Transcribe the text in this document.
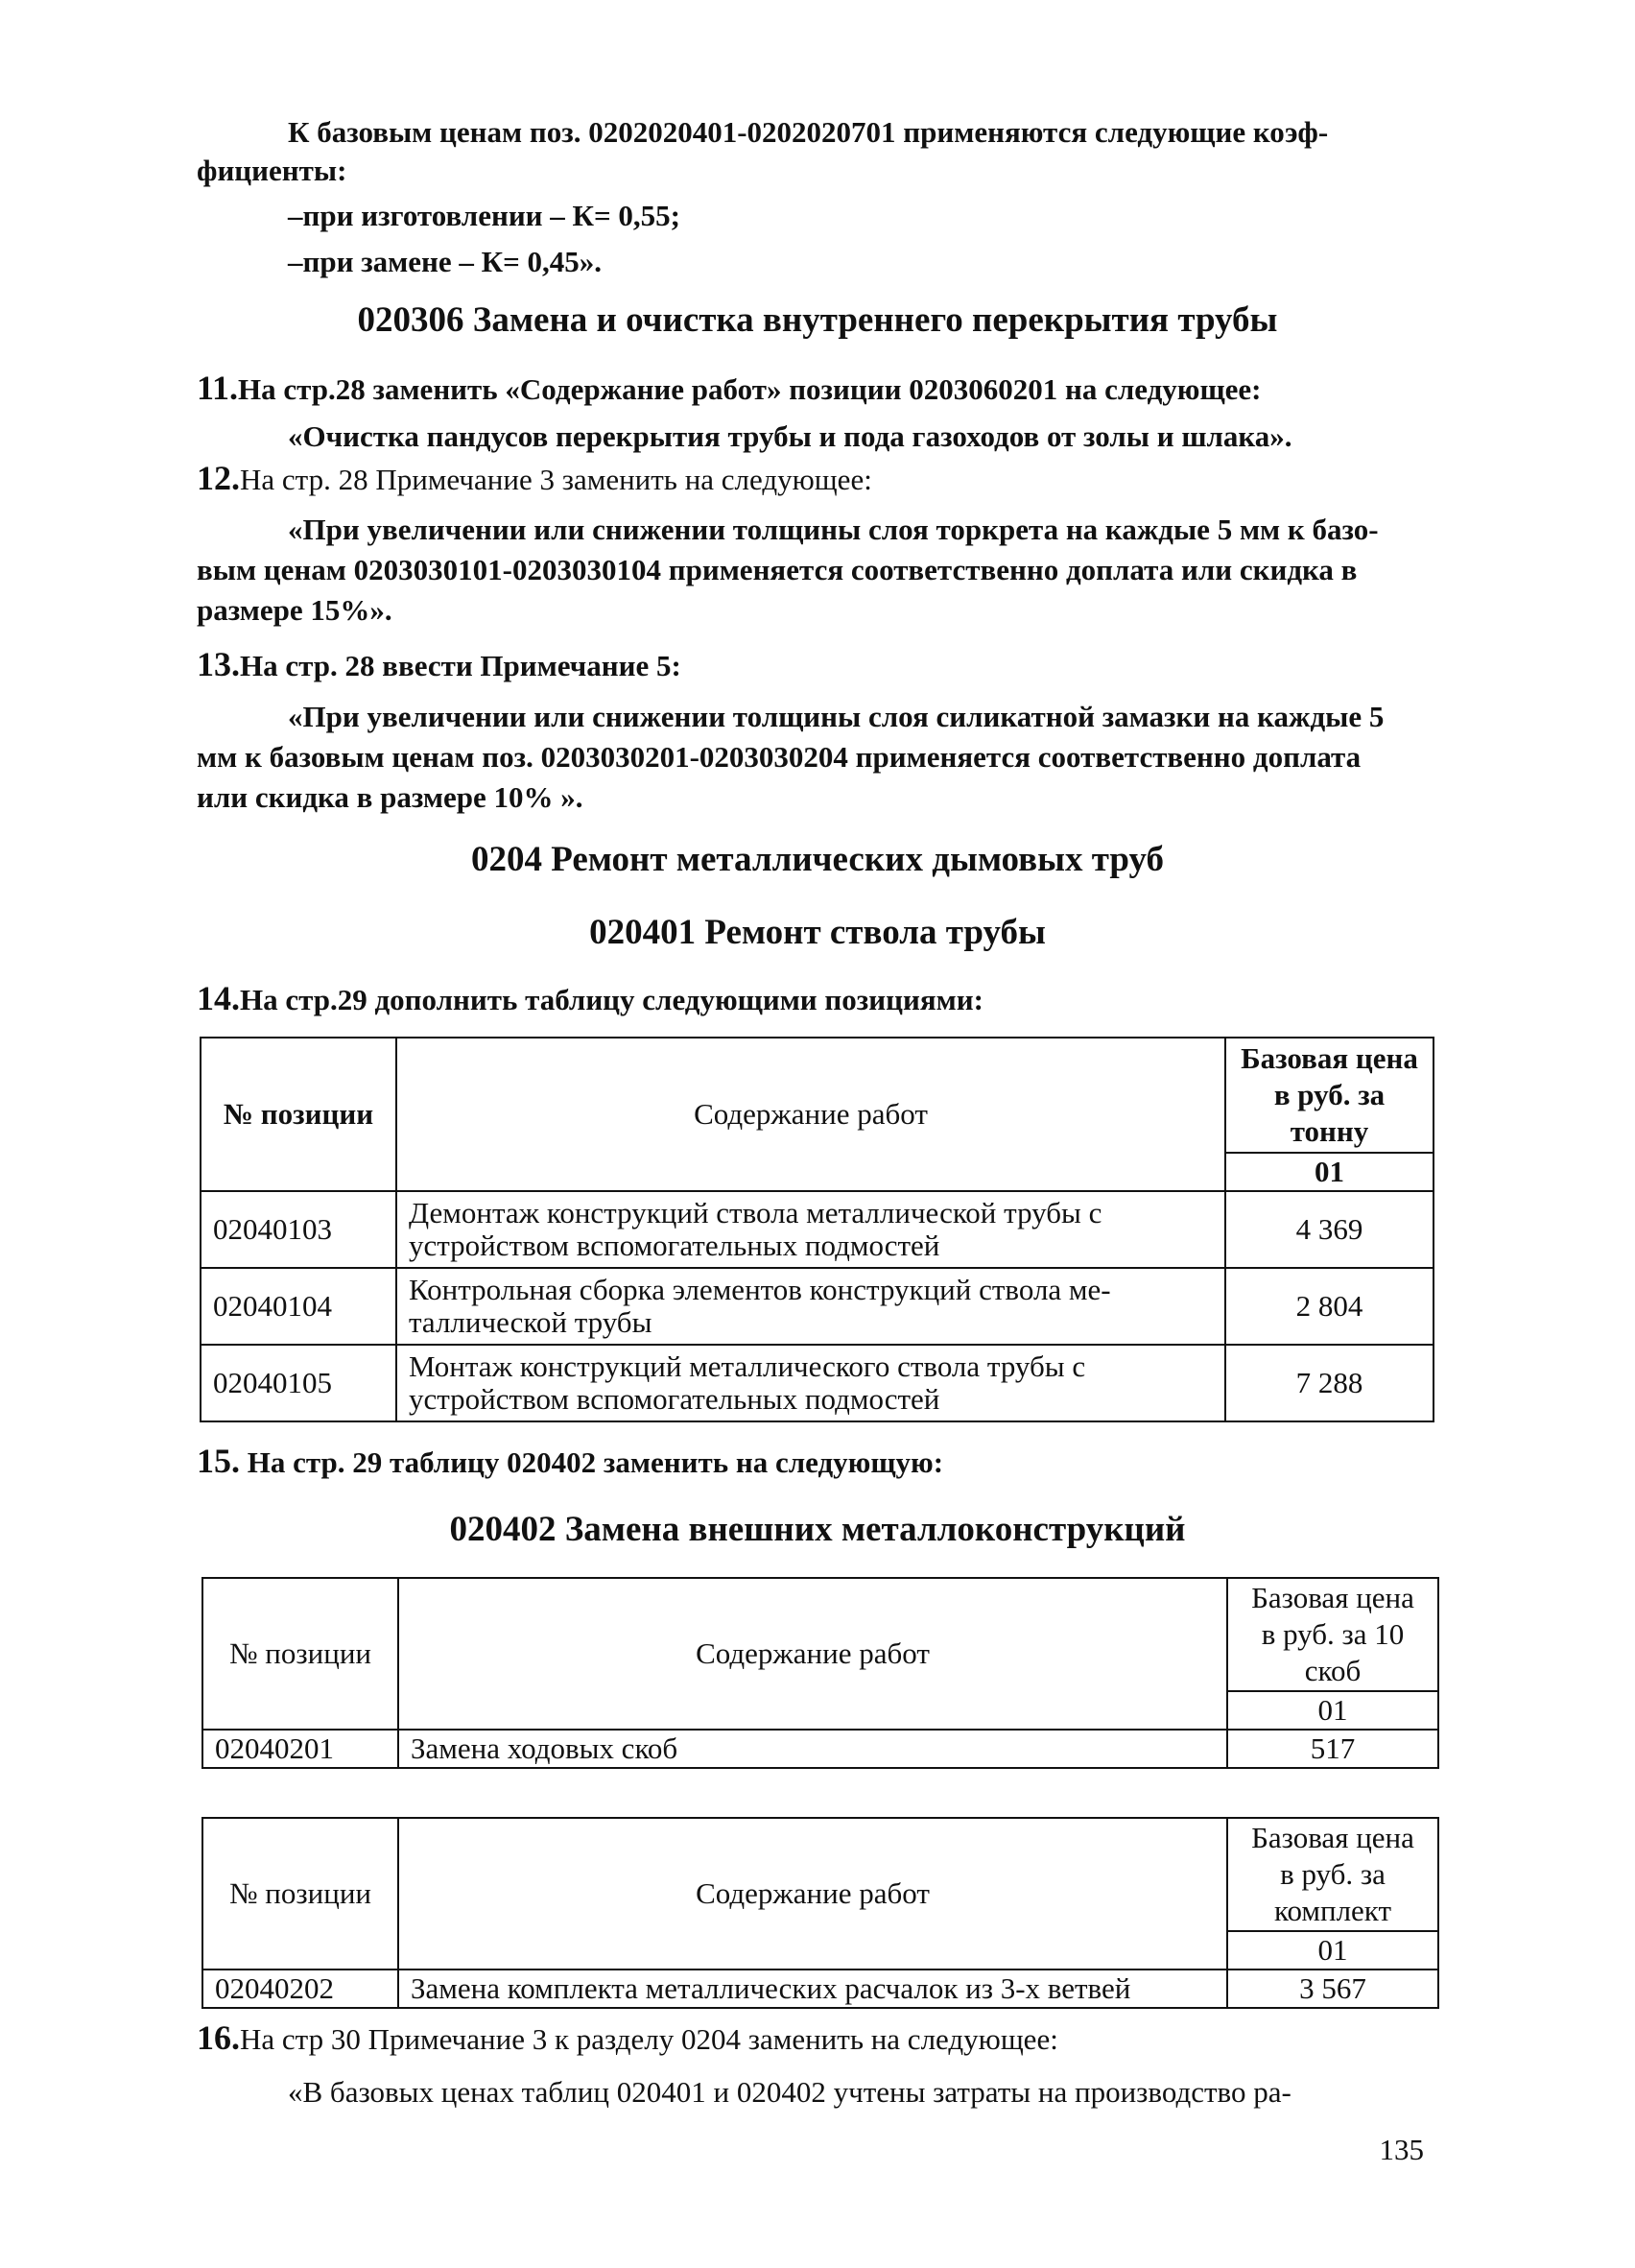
К базовым ценам поз. 0202020401-0202020701 применяются следующие коэф-
фициенты:
–при изготовлении – К= 0,55;
–при замене – К= 0,45».
020306 Замена и очистка внутреннего перекрытия трубы
11.На стр.28 заменить «Содержание работ» позиции 0203060201 на следующее:
«Очистка пандусов перекрытия трубы и пода газоходов от золы и шлака».
12.На стр. 28 Примечание 3 заменить на следующее:
«При увеличении или снижении толщины слоя торкрета на каждые 5 мм к базо-
вым ценам 0203030101-0203030104 применяется соответственно доплата или скидка в
размере 15%».
13.На стр. 28 ввести Примечание 5:
«При увеличении или снижении толщины слоя силикатной замазки на каждые 5
мм к базовым ценам поз. 0203030201-0203030204 применяется соответственно доплата
или скидка в размере 10% ».
0204 Ремонт металлических дымовых труб
020401 Ремонт ствола трубы
14.На стр.29 дополнить таблицу следующими позициями:
№ позиции	Содержание работ	Базовая цена
в руб. за
тонну

		01
02040103	Демонтаж конструкций ствола металлической трубы с
устройством вспомогательных подмостей	4 369
02040104	Контрольная сборка элементов конструкций ствола ме-
таллической трубы	2 804
02040105	Монтаж конструкций металлического ствола трубы с
устройством вспомогательных подмостей	7 288
15. На стр. 29 таблицу 020402 заменить на следующую:
020402 Замена внешних металлоконструкций
№ позиции	Содержание работ	Базовая цена
в руб. за 10
скоб

		01
02040201	Замена ходовых скоб	517
№ позиции	Содержание работ	Базовая цена
в руб. за
комплект

		01
02040202	Замена комплекта металлических расчалок из 3-х ветвей	3 567
16.На стр 30 Примечание 3 к разделу 0204 заменить на следующее:
«В базовых ценах таблиц 020401 и 020402 учтены затраты на производство ра-
135
